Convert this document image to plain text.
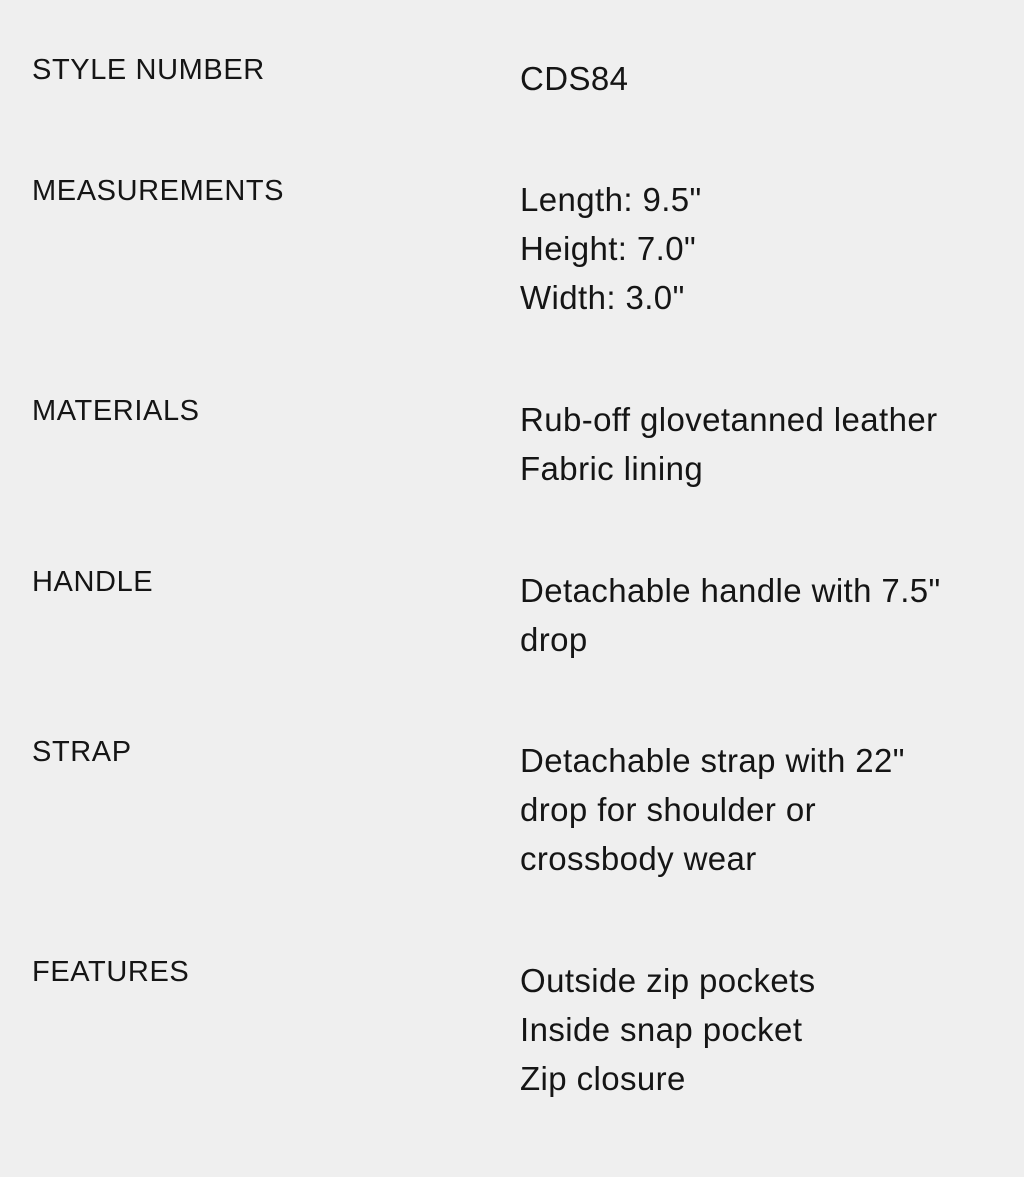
STYLE NUMBER	CDS84
MEASUREMENTS	Length: 9.5"
Height: 7.0"
Width: 3.0"
MATERIALS	Rub-off glovetanned leather
Fabric lining
HANDLE	Detachable handle with 7.5"
drop
STRAP	Detachable strap with 22"
drop for shoulder or
crossbody wear
FEATURES	Outside zip pockets
Inside snap pocket
Zip closure
